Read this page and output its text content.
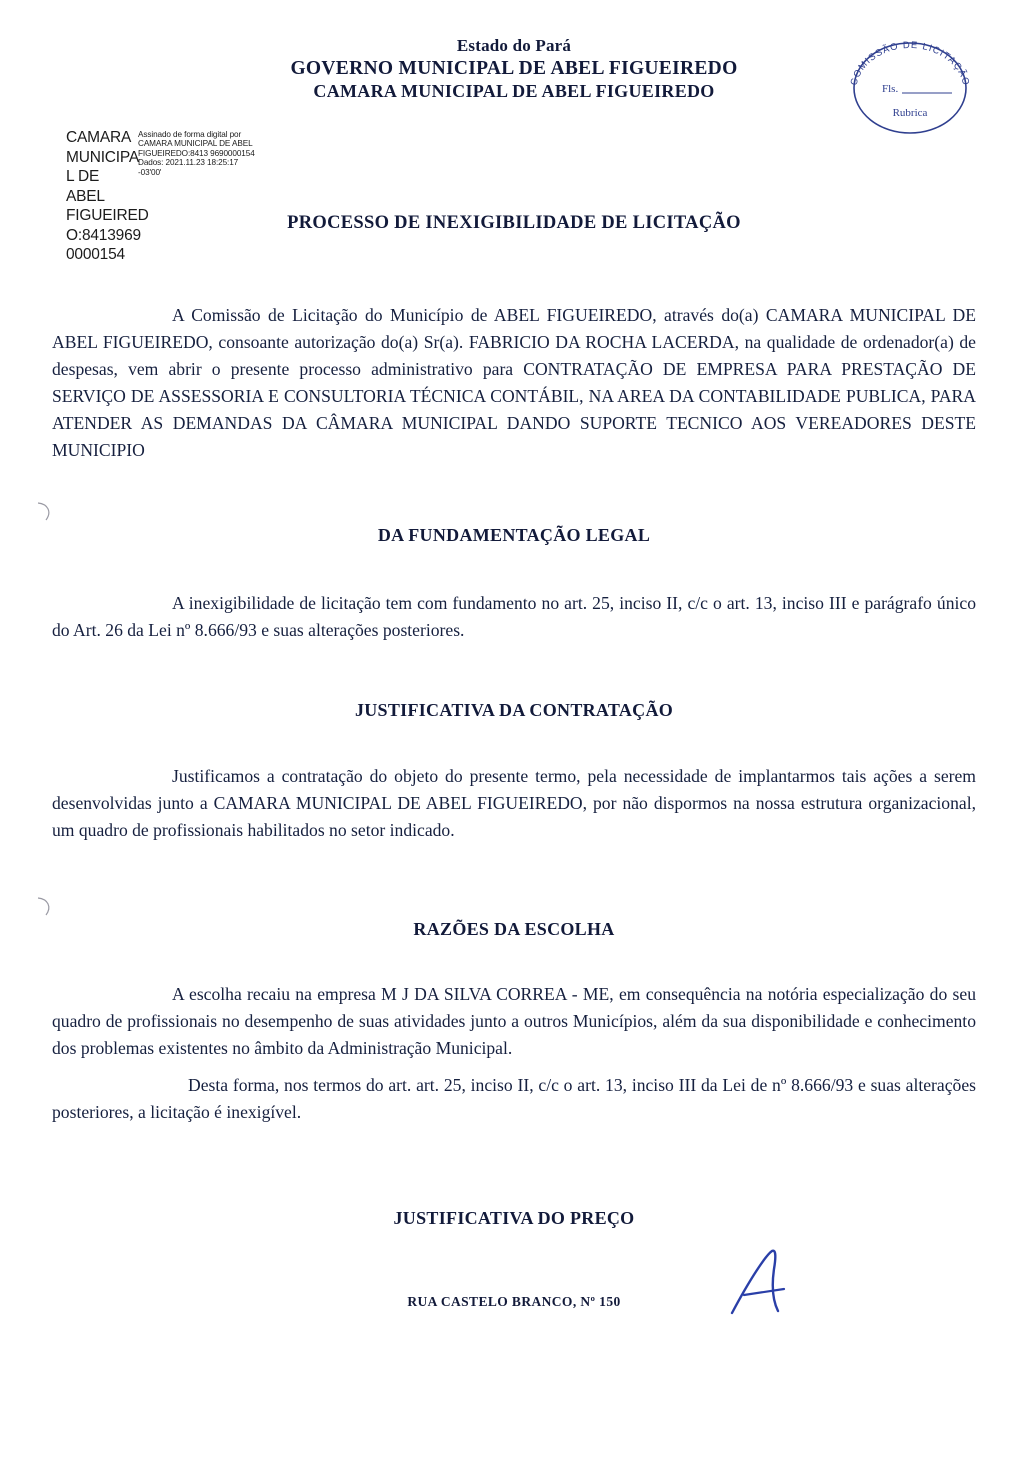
Estado do Pará
GOVERNO MUNICIPAL DE ABEL FIGUEIREDO
CAMARA MUNICIPAL DE ABEL FIGUEIREDO	COMISSÃO DE LICITAÇÃO
Fls.
Rubrica
CAMARA MUNICIPA L DE ABEL FIGUEIRED O:8413969 0000154
Assinado de forma digital por CAMARA MUNICIPAL DE ABEL FIGUEIREDO:8413 9690000154 Dados: 2021.11.23 18:25:17 -03'00'
PROCESSO DE INEXIGIBILIDADE DE LICITAÇÃO
A Comissão de Licitação do Município de ABEL FIGUEIREDO, através do(a) CAMARA MUNICIPAL DE ABEL FIGUEIREDO, consoante autorização do(a) Sr(a). FABRICIO DA ROCHA LACERDA, na qualidade de ordenador(a) de despesas, vem abrir o presente processo administrativo para CONTRATAÇÃO DE EMPRESA PARA PRESTAÇÃO DE SERVIÇO DE ASSESSORIA E CONSULTORIA TÉCNICA CONTÁBIL, NA AREA DA CONTABILIDADE PUBLICA, PARA ATENDER AS DEMANDAS DA CÂMARA MUNICIPAL DANDO SUPORTE TECNICO AOS VEREADORES DESTE MUNICIPIO
DA FUNDAMENTAÇÃO LEGAL
A inexigibilidade de licitação tem com fundamento no art. 25, inciso II, c/c o art. 13, inciso III e parágrafo único do Art. 26 da Lei nº 8.666/93 e suas alterações posteriores.
JUSTIFICATIVA DA CONTRATAÇÃO
Justificamos a contratação do objeto do presente termo, pela necessidade de implantarmos tais ações a serem desenvolvidas junto a CAMARA MUNICIPAL DE ABEL FIGUEIREDO, por não dispormos na nossa estrutura organizacional, um quadro de profissionais habilitados no setor indicado.
RAZÕES DA ESCOLHA
A escolha recaiu na empresa M J DA SILVA CORREA - ME, em consequência na notória especialização do seu quadro de profissionais no desempenho de suas atividades junto a outros Municípios, além da sua disponibilidade e conhecimento dos problemas existentes no âmbito da Administração Municipal.
Desta forma, nos termos do art. art. 25, inciso II, c/c o art. 13, inciso III da Lei de nº 8.666/93 e suas alterações posteriores, a licitação é inexigível.
JUSTIFICATIVA DO PREÇO
RUA CASTELO BRANCO, Nº 150
